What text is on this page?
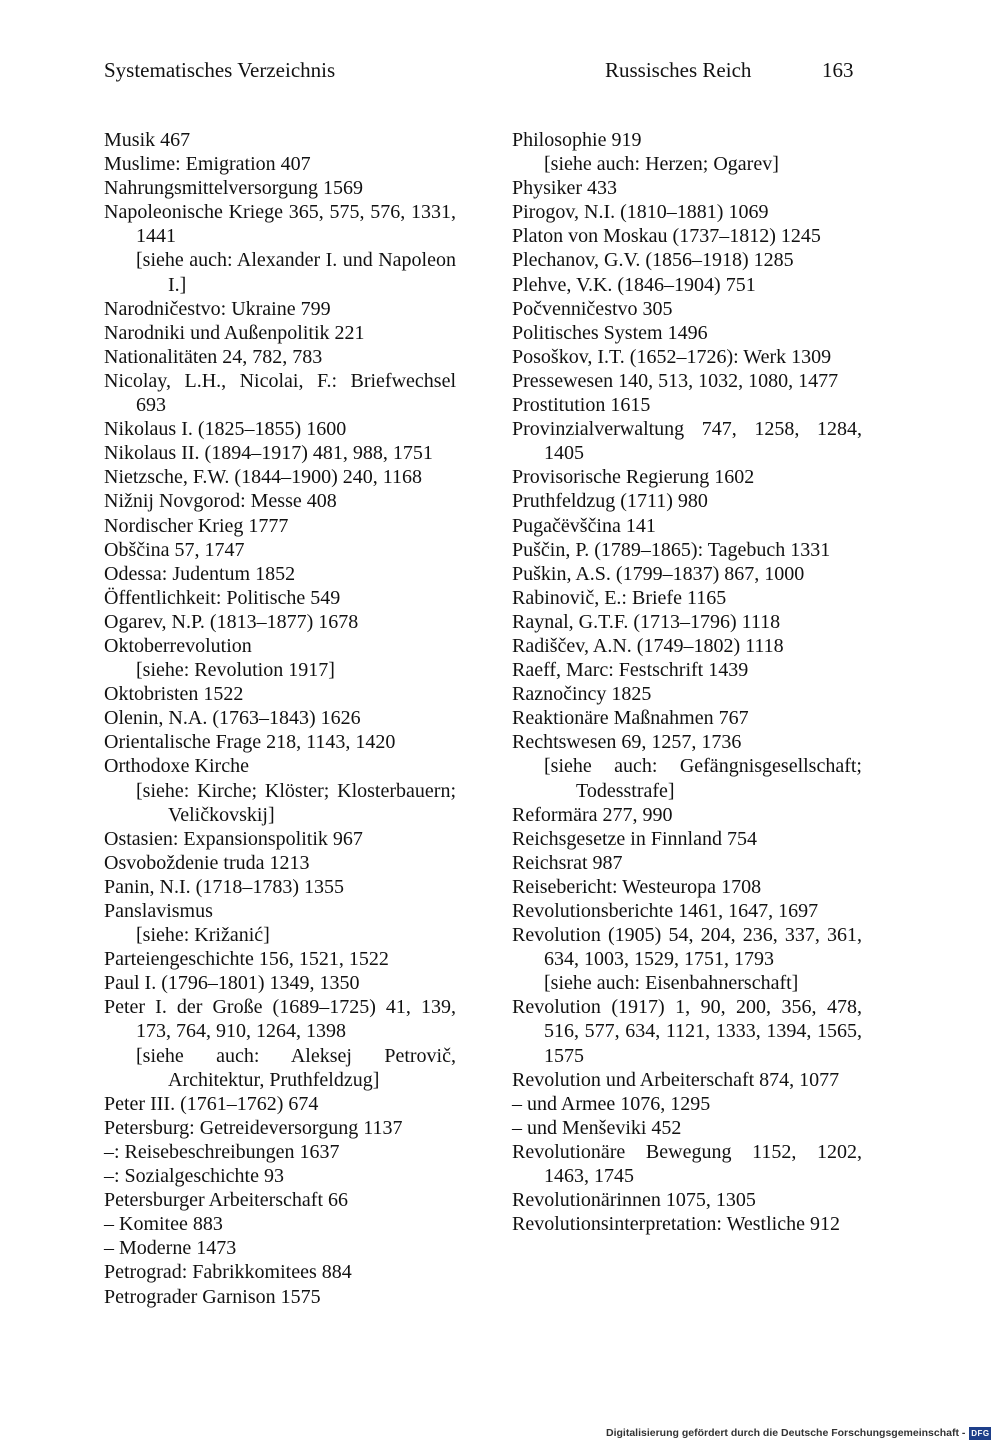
Systematisches Verzeichnis	Russisches Reich	163

Musik 467

Muslime: Emigration 407

Nahrungsmittelversorgung 1569

Napoleonische Kriege 365, 575, 576, 1331, 1441

[siehe auch: Alexander I. und Napoleon I.]

Narodničestvo: Ukraine 799

Narodniki und Außenpolitik 221

Nationalitäten 24, 782, 783

Nicolay, L.H., Nicolai, F.: Briefwechsel 693

Nikolaus I. (1825–1855) 1600

Nikolaus II. (1894–1917) 481, 988, 1751

Nietzsche, F.W. (1844–1900) 240, 1168

Nižnij Novgorod: Messe 408

Nordischer Krieg 1777

Obščina 57, 1747

Odessa: Judentum 1852

Öffentlichkeit: Politische 549

Ogarev, N.P. (1813–1877) 1678

Oktoberrevolution

[siehe: Revolution 1917]

Oktobristen 1522

Olenin, N.A. (1763–1843) 1626

Orientalische Frage 218, 1143, 1420

Orthodoxe Kirche

[siehe: Kirche; Klöster; Klosterbauern; Veličkovskij]

Ostasien: Expansionspolitik 967

Osvoboždenie truda 1213

Panin, N.I. (1718–1783) 1355

Panslavismus

[siehe: Križanić]

Parteiengeschichte 156, 1521, 1522

Paul I. (1796–1801) 1349, 1350

Peter I. der Große (1689–1725) 41, 139, 173, 764, 910, 1264, 1398

[siehe auch: Aleksej Petrovič, Architektur, Pruthfeldzug]

Peter III. (1761–1762) 674

Petersburg: Getreideversorgung 1137

–: Reisebeschreibungen 1637

–: Sozialgeschichte 93

Petersburger Arbeiterschaft 66

– Komitee 883

– Moderne 1473

Petrograd: Fabrikkomitees 884

Petrograder Garnison 1575

Philosophie 919

[siehe auch: Herzen; Ogarev]

Physiker 433

Pirogov, N.I. (1810–1881) 1069

Platon von Moskau (1737–1812) 1245

Plechanov, G.V. (1856–1918) 1285

Plehve, V.K. (1846–1904) 751

Počvenničestvo 305

Politisches System 1496

Posoškov, I.T. (1652–1726): Werk 1309

Pressewesen 140, 513, 1032, 1080, 1477

Prostitution 1615

Provinzialverwaltung 747, 1258, 1284, 1405

Provisorische Regierung 1602

Pruthfeldzug (1711) 980

Pugačëvščina 141

Puščin, P. (1789–1865): Tagebuch 1331

Puškin, A.S. (1799–1837) 867, 1000

Rabinovič, E.: Briefe 1165

Raynal, G.T.F. (1713–1796) 1118

Radiščev, A.N. (1749–1802) 1118

Raeff, Marc: Festschrift 1439

Raznočincy 1825

Reaktionäre Maßnahmen 767

Rechtswesen 69, 1257, 1736

[siehe auch: Gefängnisgesellschaft; Todesstrafe]

Reformära 277, 990

Reichsgesetze in Finnland 754

Reichsrat 987

Reisebericht: Westeuropa 1708

Revolutionsberichte 1461, 1647, 1697

Revolution (1905) 54, 204, 236, 337, 361, 634, 1003, 1529, 1751, 1793

[siehe auch: Eisenbahnerschaft]

Revolution (1917) 1, 90, 200, 356, 478, 516, 577, 634, 1121, 1333, 1394, 1565, 1575

Revolution und Arbeiterschaft 874, 1077

– und Armee 1076, 1295

– und Menševiki 452

Revolutionäre Bewegung 1152, 1202, 1463, 1745

Revolutionärinnen 1075, 1305

Revolutionsinterpretation: Westliche 912

Digitalisierung gefördert durch die Deutsche Forschungsgemeinschaft - DFG
